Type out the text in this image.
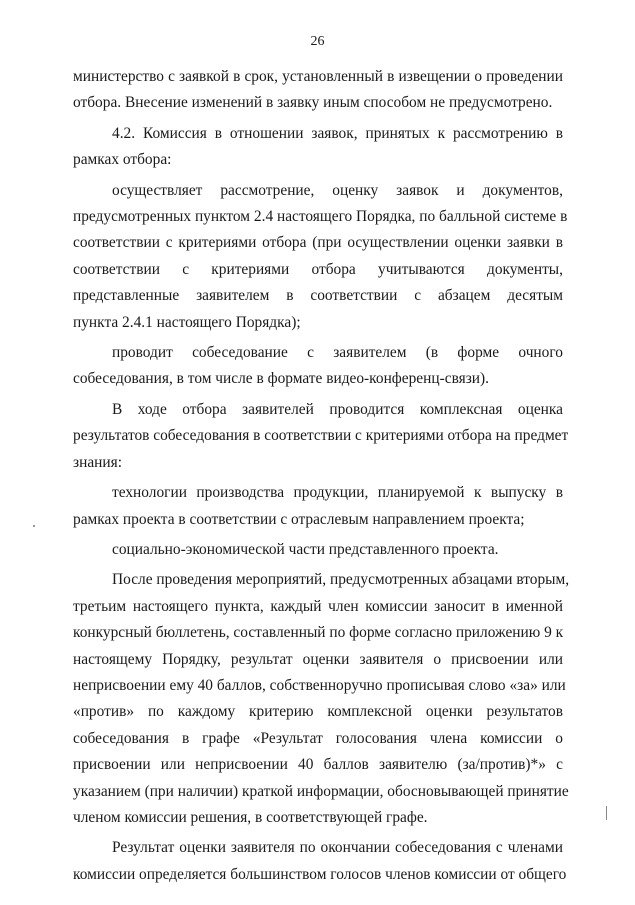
26

министерство с заявкой в срок, установленный в извещении о проведении
отбора. Внесение изменений в заявку иным способом не предусмотрено.

4.2. Комиссия в отношении заявок, принятых к рассмотрению в
рамках отбора:

осуществляет рассмотрение, оценку заявок и документов,
предусмотренных пунктом 2.4 настоящего Порядка, по балльной системе в
соответствии с критериями отбора (при осуществлении оценки заявки в
соответствии с критериями отбора учитываются документы,
представленные заявителем в соответствии с абзацем десятым
пункта 2.4.1 настоящего Порядка);

проводит собеседование с заявителем (в форме очного
собеседования, в том числе в формате видео-конференц-связи).

В ходе отбора заявителей проводится комплексная оценка
результатов собеседования в соответствии с критериями отбора на предмет
знания:

технологии производства продукции, планируемой к выпуску в
рамках проекта в соответствии с отраслевым направлением проекта;

социально-экономической части представленного проекта.

После проведения мероприятий, предусмотренных абзацами вторым,
третьим настоящего пункта, каждый член комиссии заносит в именной
конкурсный бюллетень, составленный по форме согласно приложению 9 к
настоящему Порядку, результат оценки заявителя о присвоении или
неприсвоении ему 40 баллов, собственноручно прописывая слово «за» или
«против» по каждому критерию комплексной оценки результатов
собеседования в графе «Результат голосования члена комиссии о
присвоении или неприсвоении 40 баллов заявителю (за/против)*» с
указанием (при наличии) краткой информации, обосновывающей принятие
членом комиссии решения, в соответствующей графе.

Результат оценки заявителя по окончании собеседования с членами
комиссии определяется большинством голосов членов комиссии от общего
